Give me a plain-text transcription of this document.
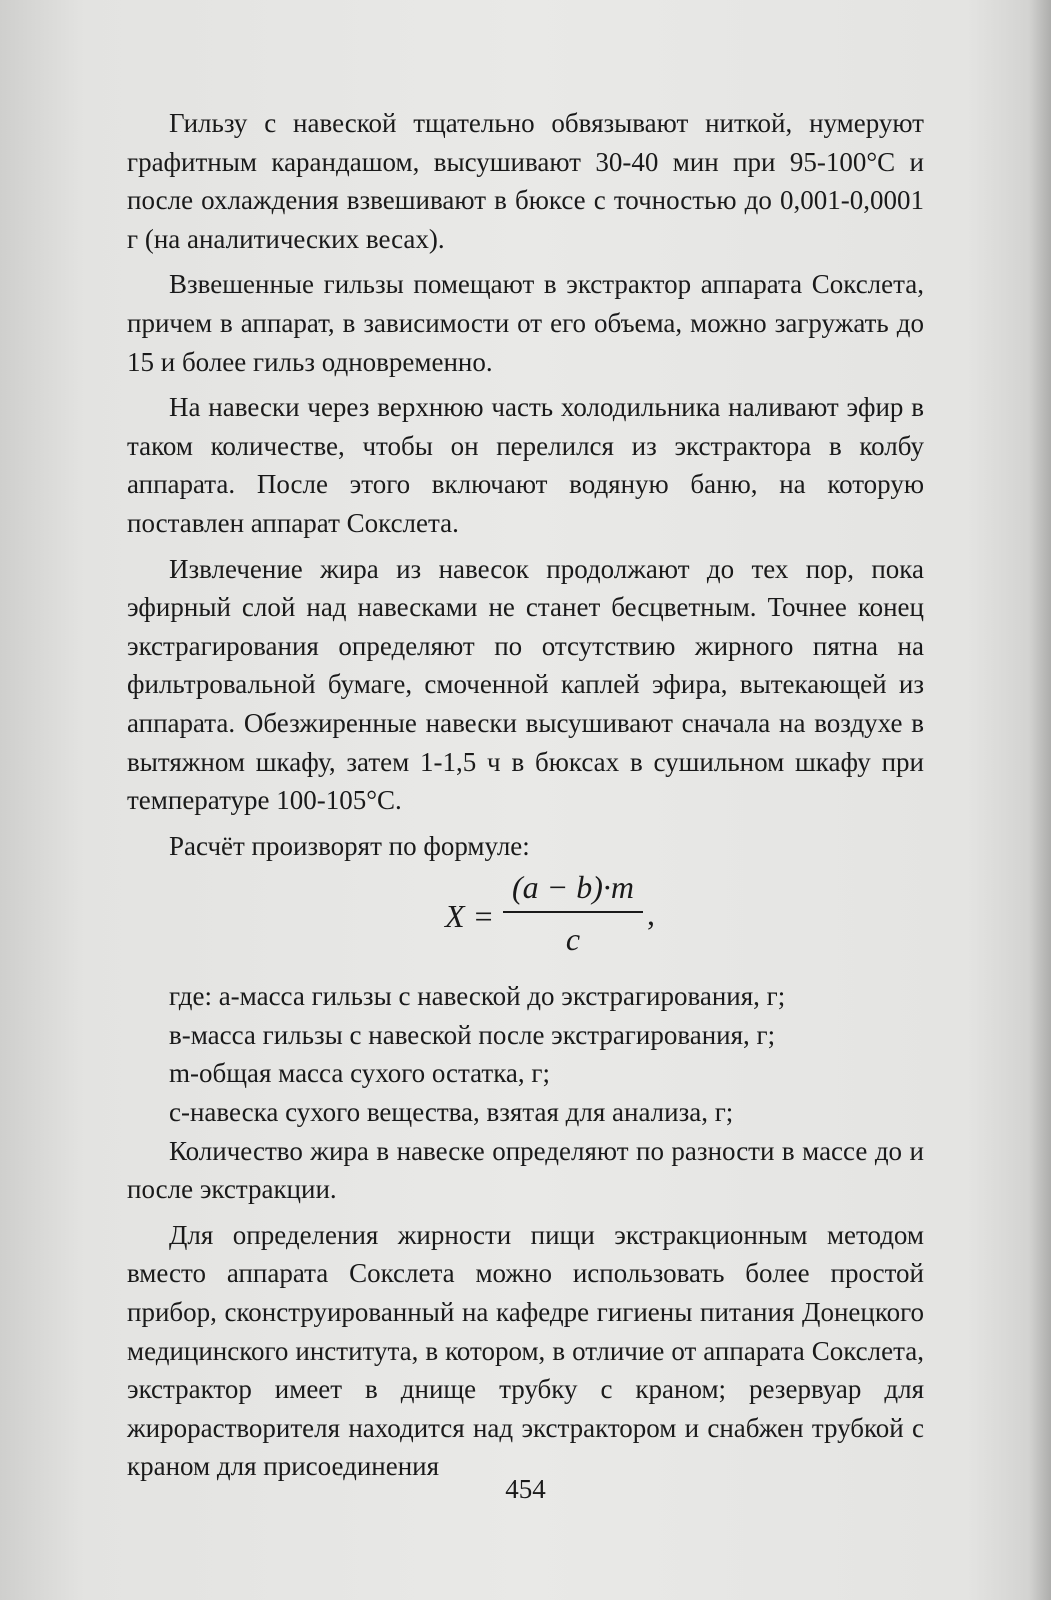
Гильзу с навеской тщательно обвязывают ниткой, нумеруют графитным карандашом, высушивают 30-40 мин при 95-100°С и после охлаждения взвешивают в бюксе с точностью до 0,001-0,0001 г (на аналитических весах).

Взвешенные гильзы помещают в экстрактор аппарата Сокслета, причем в аппарат, в зависимости от его объема, можно загружать до 15 и более гильз одновременно.

На навески через верхнюю часть холодильника наливают эфир в таком количестве, чтобы он перелился из экстрактора в колбу аппарата. После этого включают водяную баню, на которую поставлен аппарат Сокслета.

Извлечение жира из навесок продолжают до тех пор, пока эфирный слой над навесками не станет бесцветным. Точнее конец экстрагирования определяют по отсутствию жирного пятна на фильтровальной бумаге, смоченной каплей эфира, вытекающей из аппарата. Обезжиренные навески высушивают сначала на воздухе в вытяжном шкафу, затем 1-1,5 ч в бюксах в сушильном шкафу при температуре 100-105°С.

Расчёт произворят по формуле:

X =
(a − b)·m
c
,

где: а-масса гильзы с навеской до экстрагирования, г;

в-масса гильзы с навеской после экстрагирования, г;

m-общая масса сухого остатка, г;

с-навеска сухого вещества, взятая для анализа, г;

Количество жира в навеске определяют по разности в массе до и после экстракции.

Для определения жирности пищи экстракционным методом вместо аппарата Сокслета можно использовать более простой прибор, сконструированный на кафедре гигиены питания Донецкого медицинского института, в котором, в отличие от аппарата Сокслета, экстрактор имеет в днище трубку с краном; резервуар для жирорастворителя находится над экстрактором и снабжен трубкой с краном для присоединения

454
